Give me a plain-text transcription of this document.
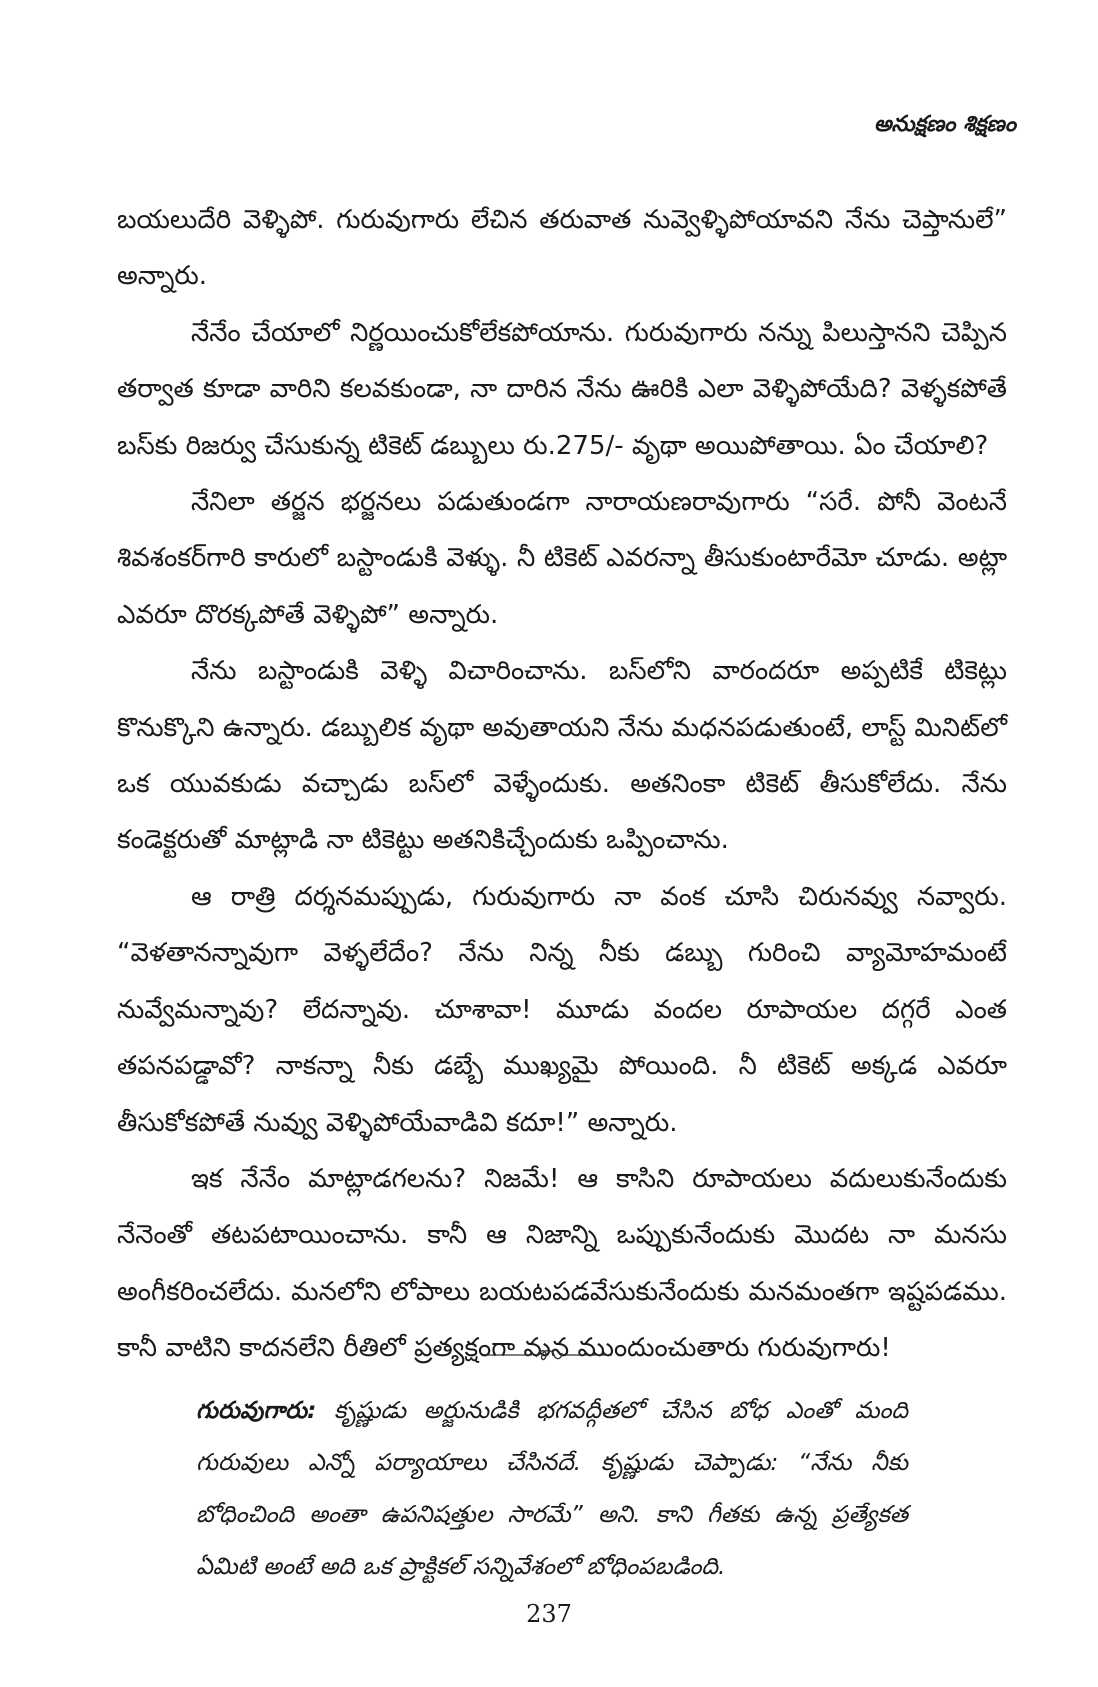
అనుక్షణం శిక్షణం

బయలుదేరి వెళ్ళిపో. గురువుగారు లేచిన తరువాత నువ్వెళ్ళిపోయావని నేను చెప్తానులే” అన్నారు.

నేనేం చేయాలో నిర్ణయించుకోలేకపోయాను. గురువుగారు నన్ను పిలుస్తానని చెప్పిన తర్వాత కూడా వారిని కలవకుండా, నా దారిన నేను ఊరికి ఎలా వెళ్ళిపోయేది? వెళ్ళకపోతే బస్‌కు రిజర్వు చేసుకున్న టికెట్ డబ్బులు రు.275/- వృథా అయిపోతాయి. ఏం చేయాలి?

నేనిలా తర్జన భర్జనలు పడుతుండగా నారాయణరావుగారు “సరే. పోనీ వెంటనే శివశంకర్‌గారి కారులో బస్టాండుకి వెళ్ళు. నీ టికెట్ ఎవరన్నా తీసుకుంటారేమో చూడు. అట్లా ఎవరూ దొరక్కపోతే వెళ్ళిపో” అన్నారు.

నేను బస్టాండుకి వెళ్ళి విచారించాను. బస్‌లోని వారందరూ అప్పటికే టికెట్లు కొనుక్కొని ఉన్నారు. డబ్బులిక వృథా అవుతాయని నేను మధనపడుతుంటే, లాస్ట్ మినిట్‌లో ఒక యువకుడు వచ్చాడు బస్‌లో వెళ్ళేందుకు. అతనింకా టికెట్ తీసుకోలేదు. నేను కండెక్టరుతో మాట్లాడి నా టికెట్టు అతనికిచ్చేందుకు ఒప్పించాను.

ఆ రాత్రి దర్శనమప్పుడు, గురువుగారు నా వంక చూసి చిరునవ్వు నవ్వారు. “వెళతానన్నావుగా వెళ్ళలేదేం? నేను నిన్న నీకు డబ్బు గురించి వ్యామోహమంటే నువ్వేమన్నావు? లేదన్నావు. చూశావా! మూడు వందల రూపాయల దగ్గరే ఎంత తపనపడ్డావో? నాకన్నా నీకు డబ్బే ముఖ్యమై పోయింది. నీ టికెట్ అక్కడ ఎవరూ తీసుకోకపోతే నువ్వు వెళ్ళిపోయేవాడివి కదూ!” అన్నారు.

ఇక నేనేం మాట్లాడగలను? నిజమే! ఆ కాసిని రూపాయలు వదులుకునేందుకు నేనెంతో తటపటాయించాను. కానీ ఆ నిజాన్ని ఒప్పుకునేందుకు మొదట నా మనసు అంగీకరించలేదు. మనలోని లోపాలు బయటపడవేసుకునేందుకు మనమంతగా ఇష్టపడము. కానీ వాటిని కాదనలేని రీతిలో ప్రత్యక్షంగా మన ముందుంచుతారు గురువుగారు!

గురువుగారు: కృష్ణుడు అర్జునుడికి భగవద్గీతలో చేసిన బోధ ఎంతో మంది గురువులు ఎన్నో పర్యాయాలు చేసినదే. కృష్ణుడు చెప్పాడు: “నేను నీకు బోధించింది అంతా ఉపనిషత్తుల సారమే” అని. కాని గీతకు ఉన్న ప్రత్యేకత ఏమిటి అంటే అది ఒక ప్రాక్టికల్ సన్నివేశంలో బోధింపబడింది.
237
